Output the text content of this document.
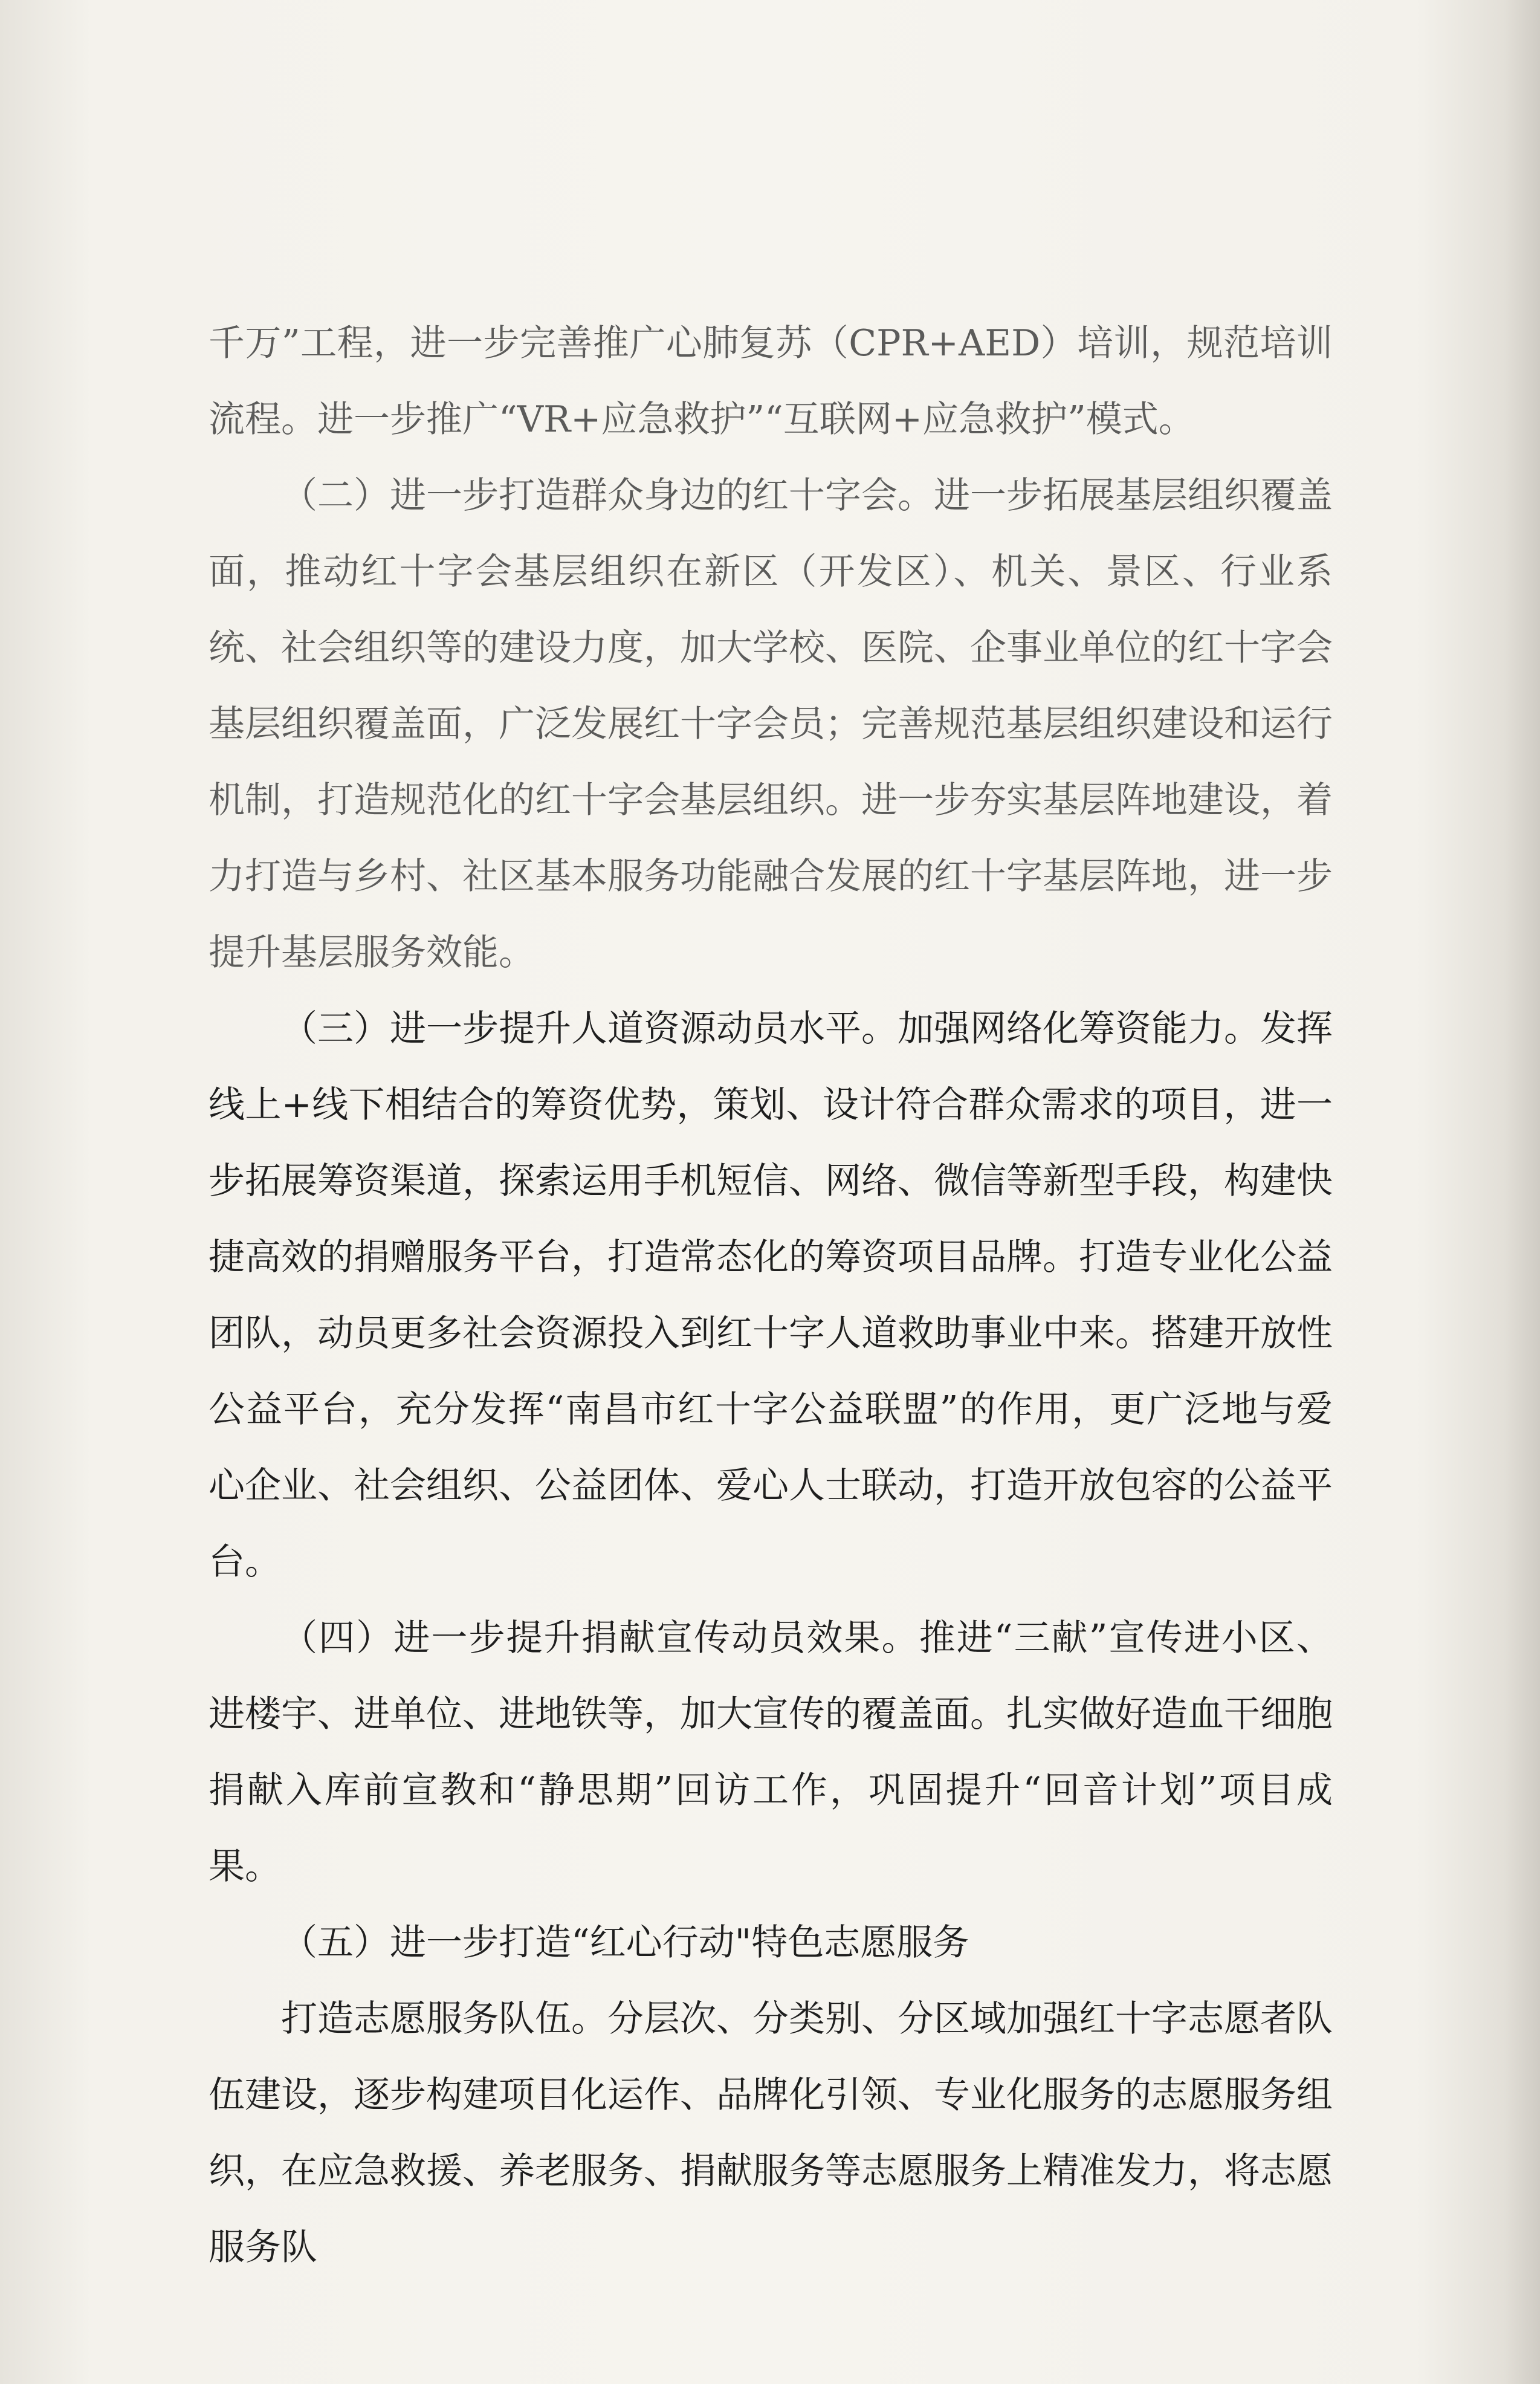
千万”工程，进一步完善推广心肺复苏（CPR+AED）培训，规范培训流程。进一步推广“VR+应急救护”“互联网+应急救护”模式。

（二）进一步打造群众身边的红十字会。进一步拓展基层组织覆盖面，推动红十字会基层组织在新区（开发区）、机关、景区、行业系统、社会组织等的建设力度，加大学校、医院、企事业单位的红十字会基层组织覆盖面，广泛发展红十字会员；完善规范基层组织建设和运行机制，打造规范化的红十字会基层组织。进一步夯实基层阵地建设，着力打造与乡村、社区基本服务功能融合发展的红十字基层阵地，进一步提升基层服务效能。

（三）进一步提升人道资源动员水平。加强网络化筹资能力。发挥线上+线下相结合的筹资优势，策划、设计符合群众需求的项目，进一步拓展筹资渠道，探索运用手机短信、网络、微信等新型手段，构建快捷高效的捐赠服务平台，打造常态化的筹资项目品牌。打造专业化公益团队，动员更多社会资源投入到红十字人道救助事业中来。搭建开放性公益平台，充分发挥“南昌市红十字公益联盟”的作用，更广泛地与爱心企业、社会组织、公益团体、爱心人士联动，打造开放包容的公益平台。

（四）进一步提升捐献宣传动员效果。推进“三献”宣传进小区、进楼宇、进单位、进地铁等，加大宣传的覆盖面。扎实做好造血干细胞捐献入库前宣教和“静思期”回访工作，巩固提升“回音计划”项目成果。

（五）进一步打造“红心行动"特色志愿服务

打造志愿服务队伍。分层次、分类别、分区域加强红十字志愿者队伍建设，逐步构建项目化运作、品牌化引领、专业化服务的志愿服务组织，在应急救援、养老服务、捐献服务等志愿服务上精准发力，将志愿服务队
